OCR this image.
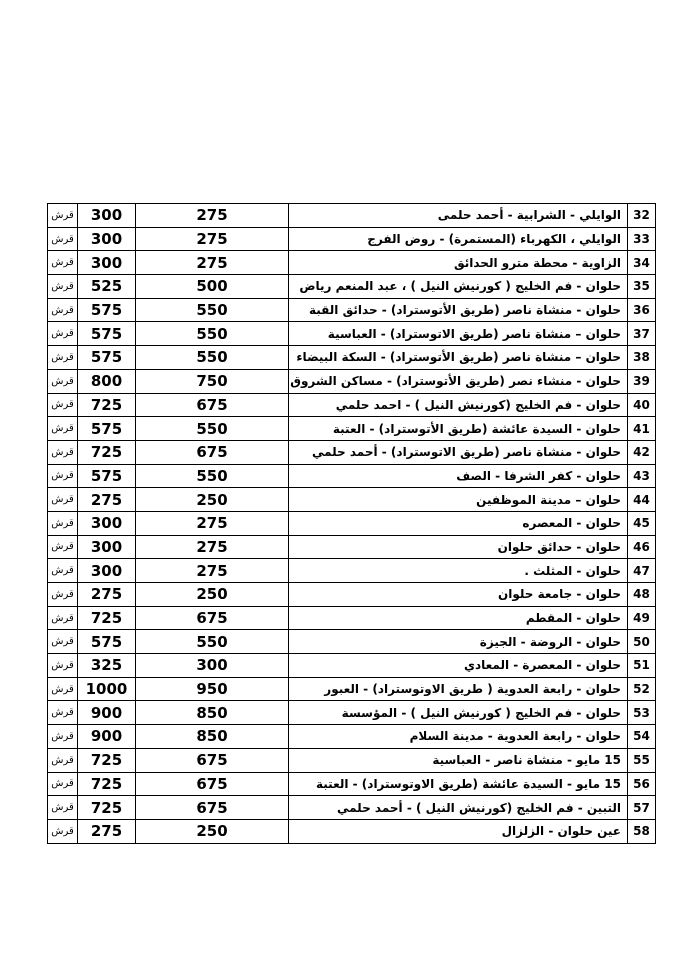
قرش	300	275	الوايلي - الشرابية - أحمد حلمى	32
قرش	300	275	الوايلي ، الكهرباء (المستمرة) - روض الفرج	33
قرش	300	275	الزاوية - محطة مترو الحدائق	34
قرش	525	500	حلوان - فم الخليج ( كورنيش النيل ) ، عبد المنعم رياض	35
قرش	575	550	حلوان - منشاة ناصر (طريق الأتوستراد) - حدائق القبة	36
قرش	575	550	حلوان – منشاة ناصر (طريق الاتوستراد) - العباسية	37
قرش	575	550	حلوان – منشاة ناصر (طريق الأتوستراد) - السكة البيضاء	38
قرش	800	750	حلوان - منشاء نصر (طريق الأتوستراد) - مساكن الشروق	39
قرش	725	675	حلوان - فم الخليج (كورنيش النيل ) - احمد حلمي	40
قرش	575	550	حلوان - السيدة عائشة (طريق الأتوستراد) - العتبة	41
قرش	725	675	حلوان - منشاة ناصر (طريق الاتوستراد) - أحمد حلمي	42
قرش	575	550	حلوان - كفر الشرفا - الصف	43
قرش	275	250	حلوان – مدينة الموظفين	44
قرش	300	275	حلوان - المعصره	45
قرش	300	275	حلوان - حدائق حلوان	46
قرش	300	275	حلوان - المثلث .	47
قرش	275	250	حلوان - جامعة حلوان	48
قرش	725	675	حلوان - المقطم	49
قرش	575	550	حلوان - الروضة - الجيزة	50
قرش	325	300	حلوان - المعصرة - المعادي	51
قرش	1000	950	حلوان - رابعة العدوية ( طريق الاوتوستراد) - العبور	52
قرش	900	850	حلوان - فم الخليج ( كورنيش النيل ) - المؤسسة	53
قرش	900	850	حلوان - رابعة العدوية - مدينة السلام	54
قرش	725	675	15 مايو - منشاة ناصر - العباسية	55
قرش	725	675	15 مايو - السيدة عائشة (طريق الاوتوستراد) - العتبة	56
قرش	725	675	التبين - فم الخليج (كورنيش النيل ) - أحمد حلمي	57
قرش	275	250	عين حلوان - الزلزال	58
